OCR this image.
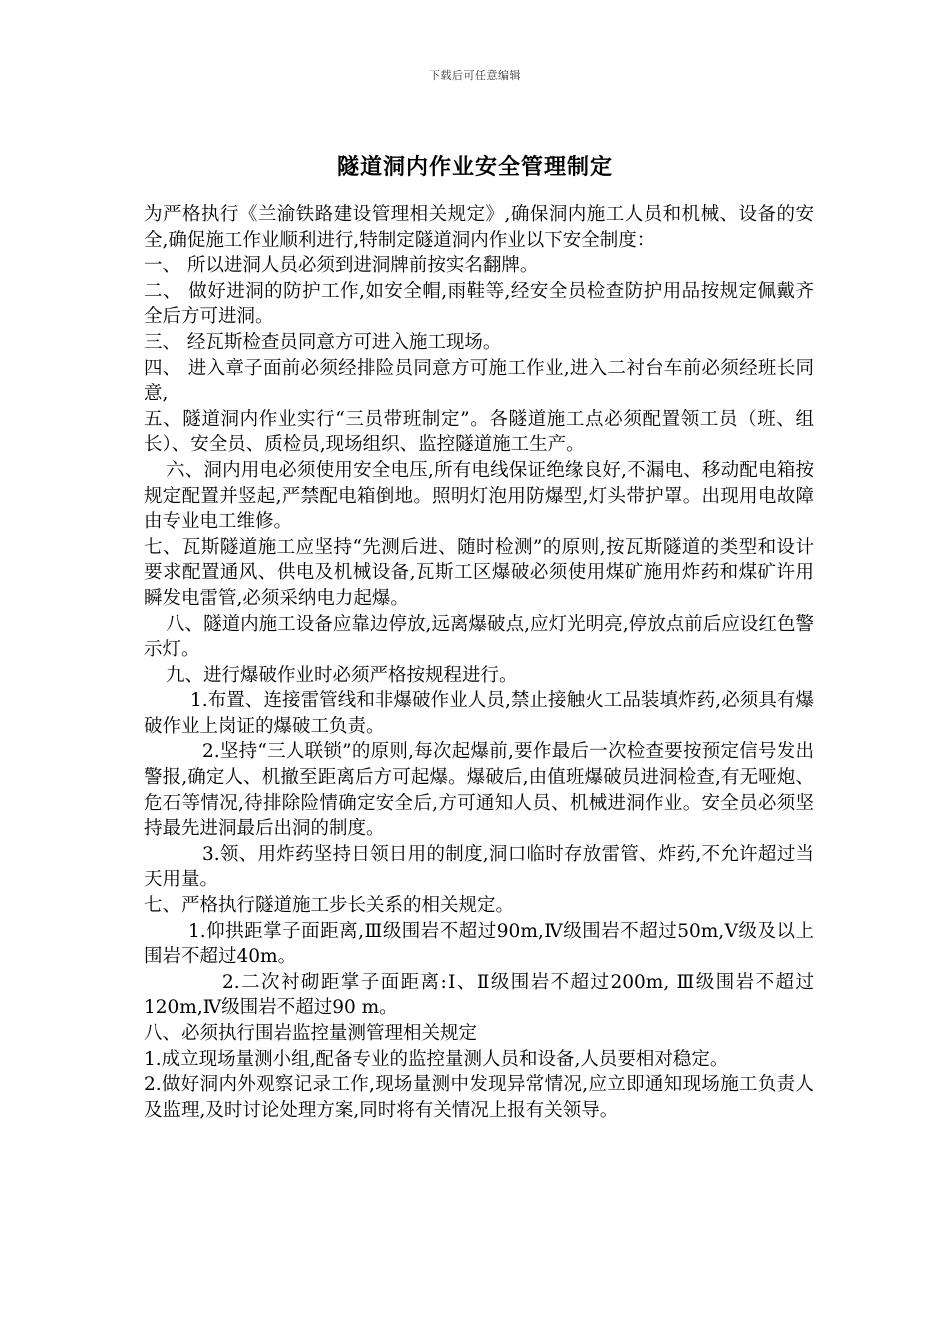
下载后可任意编辑
隧道洞内作业安全管理制定

为严格执行《兰渝铁路建设管理相关规定》,确保洞内施工人员和机械、设备的安全,确促施工作业顺利进行,特制定隧道洞内作业以下安全制度：

一、 所以进洞人员必须到进洞牌前按实名翻牌。

二、 做好进洞的防护工作,如安全帽,雨鞋等,经安全员检查防护用品按规定佩戴齐全后方可进洞。

三、 经瓦斯检查员同意方可进入施工现场。

四、 进入章子面前必须经排险员同意方可施工作业,进入二衬台车前必须经班长同意,

五、隧道洞内作业实行“三员带班制定”。各隧道施工点必须配置领工员（班、组长）、安全员、质检员,现场组织、监控隧道施工生产。

六、洞内用电必须使用安全电压,所有电线保证绝缘良好,不漏电、移动配电箱按规定配置并竖起,严禁配电箱倒地。照明灯泡用防爆型,灯头带护罩。出现用电故障由专业电工维修。

七、瓦斯隧道施工应坚持“先测后进、随时检测”的原则,按瓦斯隧道的类型和设计要求配置通风、供电及机械设备,瓦斯工区爆破必须使用煤矿施用炸药和煤矿许用瞬发电雷管,必须采纳电力起爆。

八、隧道内施工设备应靠边停放,远离爆破点,应灯光明亮,停放点前后应设红色警示灯。

九、进行爆破作业时必须严格按规程进行。

1.布置、连接雷管线和非爆破作业人员,禁止接触火工品装填炸药,必须具有爆破作业上岗证的爆破工负责。

2.坚持“三人联锁”的原则,每次起爆前,要作最后一次检查要按预定信号发出警报,确定人、机撤至距离后方可起爆。爆破后,由值班爆破员进洞检查,有无哑炮、危石等情况,待排除险情确定安全后,方可通知人员、机械进洞作业。安全员必须坚持最先进洞最后出洞的制度。

3.领、用炸药坚持日领日用的制度,洞口临时存放雷管、炸药,不允许超过当天用量。

七、严格执行隧道施工步长关系的相关规定。

1.仰拱距掌子面距离,Ⅲ级围岩不超过90m,Ⅳ级围岩不超过50m,Ⅴ级及以上围岩不超过40m。

2.二次衬砌距掌子面距离:Ⅰ、Ⅱ级围岩不超过200m, Ⅲ级围岩不超过120m,Ⅳ级围岩不超过90 m。

八、必须执行围岩监控量测管理相关规定

1.成立现场量测小组,配备专业的监控量测人员和设备,人员要相对稳定。

2.做好洞内外观察记录工作,现场量测中发现异常情况,应立即通知现场施工负责人及监理,及时讨论处理方案,同时将有关情况上报有关领导。
